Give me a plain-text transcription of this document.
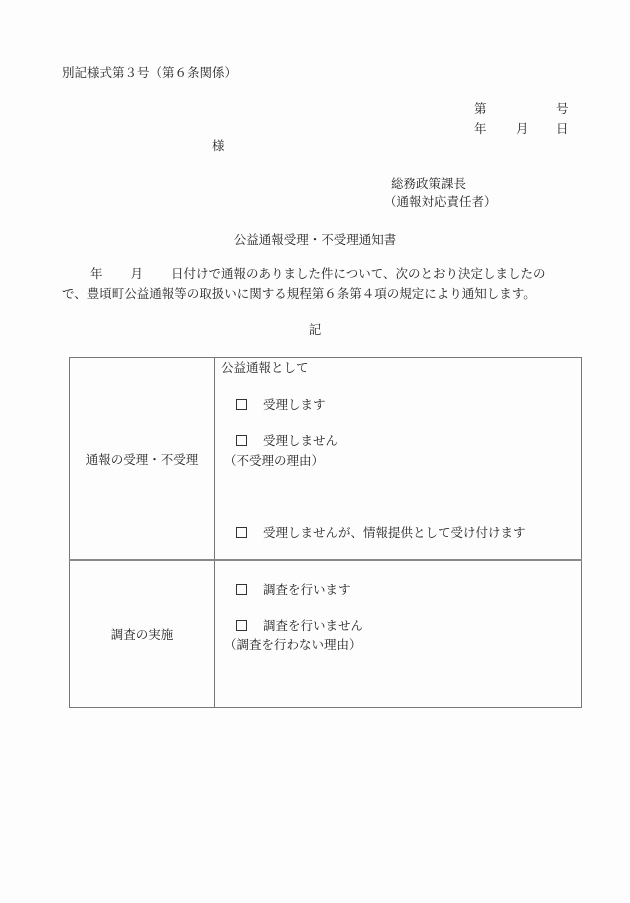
別記様式第３号（第６条関係）
第	号
年 月 日
様
総務政策課長
（通報対応責任者）
公益通報受理・不受理通知書
年 月 日付けで通報のありました件について、次のとおり決定しましたの
で、豊頃町公益通報等の取扱いに関する規程第６条第４項の規定により通知します。
記
通報の受理・不受理	公益通報として
受理します
受理しません
（不受理の理由）
受理しませんが、情報提供として受け付けます

調査の実施	調査を行います
調査を行いません
（調査を行わない理由）
